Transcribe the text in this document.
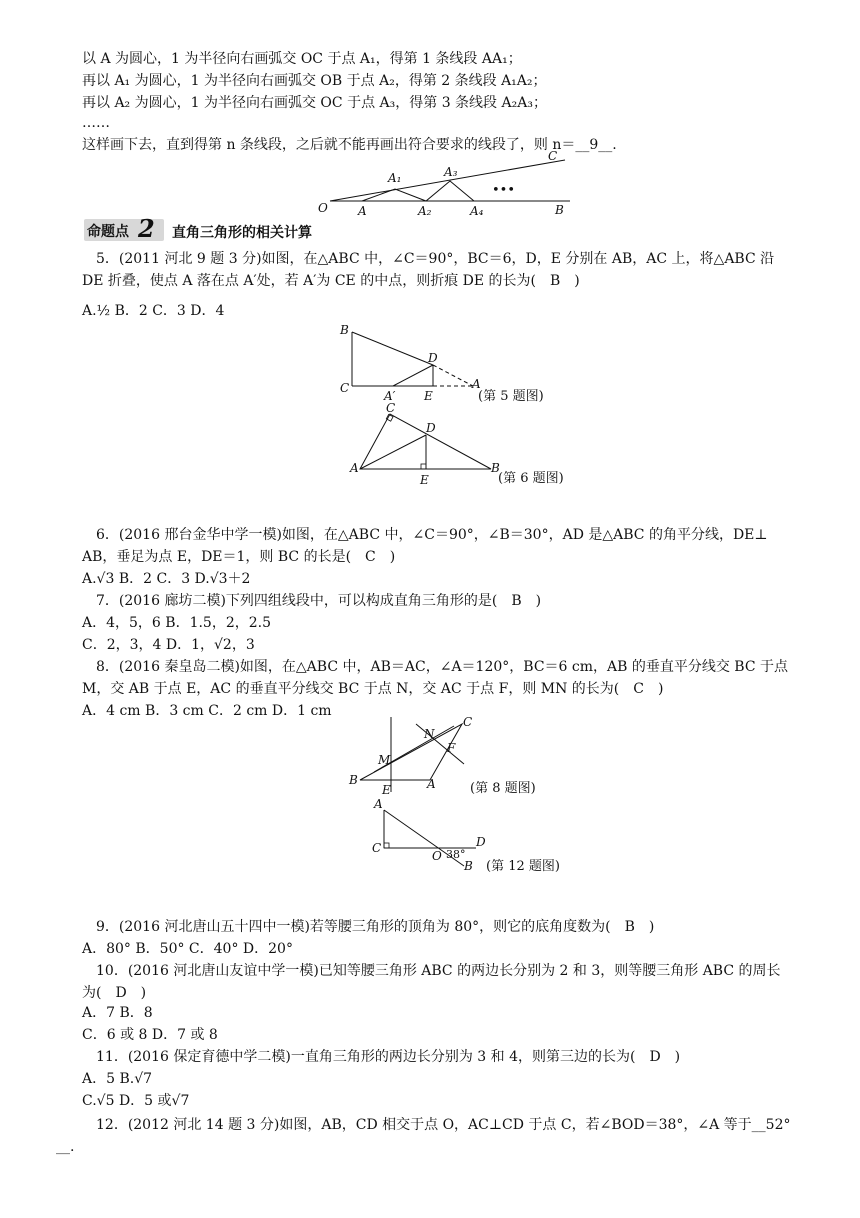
以 A 为圆心，1 为半径向右画弧交 OC 于点 A₁，得第 1 条线段 AA₁；
再以 A₁ 为圆心，1 为半径向右画弧交 OB 于点 A₂，得第 2 条线段 A₁A₂；
再以 A₂ 为圆心，1 为半径向右画弧交 OC 于点 A₃，得第 3 条线段 A₂A₃；
……
这样画下去，直到得第 n 条线段，之后就不能再画出符合要求的线段了，则 n＝__9__.
O	A
A₁
A₂
A₃
A₄
•••
B
C
命题点 2 直角三角形的相关计算
5．(2011 河北 9 题 3 分)如图，在△ABC 中，∠C＝90°，BC＝6，D，E 分别在 AB，AC 上，将△ABC 沿
DE 折叠，使点 A 落在点 A′处，若 A′为 CE 的中点，则折痕 DE 的长为(　B　)
A.½ B．2 C．3 D．4
B
C
D
E
A
A′	(第 5 题图)
C
D
A
E
B
(第 6 题图)
6．(2016 邢台金华中学一模)如图，在△ABC 中，∠C＝90°，∠B＝30°，AD 是△ABC 的角平分线，DE⊥
AB，垂足为点 E，DE＝1，则 BC 的长是(　C　)
A.√3 B．2 C．3 D.√3＋2
7．(2016 廊坊二模)下列四组线段中，可以构成直角三角形的是(　B　)
A．4，5，6 B．1.5，2，2.5
C．2，3，4 D．1，√2，3
8．(2016 秦皇岛二模)如图，在△ABC 中，AB＝AC，∠A＝120°，BC＝6 cm，AB 的垂直平分线交 BC 于点
M，交 AB 于点 E，AC 的垂直平分线交 BC 于点 N，交 AC 于点 F，则 MN 的长为(　C　)
A．4 cm B．3 cm C．2 cm D．1 cm
C
N
M
F
B
E	A	(第 8 题图)
A
C
O
D
B
38°
(第 12 题图)
9．(2016 河北唐山五十四中一模)若等腰三角形的顶角为 80°，则它的底角度数为(　B　)
A．80° B．50° C．40° D．20°
10．(2016 河北唐山友谊中学一模)已知等腰三角形 ABC 的两边长分别为 2 和 3，则等腰三角形 ABC 的周长
为(　D　)
A．7 B．8
C．6 或 8 D．7 或 8
11．(2016 保定育德中学二模)一直角三角形的两边长分别为 3 和 4，则第三边的长为(　D　)
A．5 B.√7
C.√5 D．5 或√7
12．(2012 河北 14 题 3 分)如图，AB，CD 相交于点 O，AC⊥CD 于点 C，若∠BOD＝38°，∠A 等于__52°
__.
